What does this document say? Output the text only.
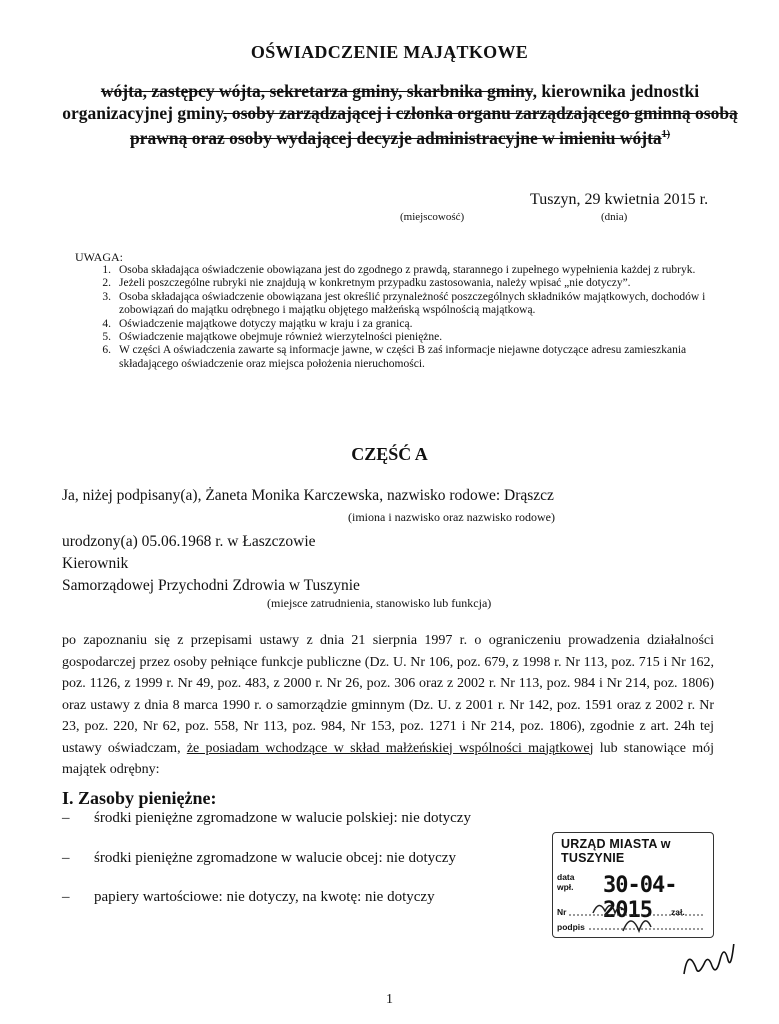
OŚWIADCZENIE MAJĄTKOWE
wójta, zastępcy wójta, sekretarza gminy, skarbnika gminy, kierownika jednostki organizacyjnej gminy, osoby zarządzającej i członka organu zarządzającego gminną osobą prawną oraz osoby wydającej decyzje administracyjne w imieniu wójta$^{1)}$
Tuszyn, 29 kwietnia 2015 r.
(miejscowość)	(dnia)
UWAGA:
1. Osoba składająca oświadczenie obowiązana jest do zgodnego z prawdą, starannego i zupełnego wypełnienia każdej z rubryk.
2. Jeżeli poszczególne rubryki nie znajdują w konkretnym przypadku zastosowania, należy wpisać „nie dotyczy”.
3. Osoba składająca oświadczenie obowiązana jest określić przynależność poszczególnych składników majątkowych, dochodów i zobowiązań do majątku odrębnego i majątku objętego małżeńską wspólnością majątkową.
4. Oświadczenie majątkowe dotyczy majątku w kraju i za granicą.
5. Oświadczenie majątkowe obejmuje również wierzytelności pieniężne.
6. W części A oświadczenia zawarte są informacje jawne, w części B zaś informacje niejawne dotyczące adresu zamieszkania składającego oświadczenie oraz miejsca położenia nieruchomości.
CZĘŚĆ A
Ja, niżej podpisany(a), Żaneta Monika Karczewska, nazwisko rodowe: Drąszcz
(imiona i nazwisko oraz nazwisko rodowe)
urodzony(a) 05.06.1968 r. w Łaszczowie
Kierownik
Samorządowej Przychodni Zdrowia w Tuszynie
(miejsce zatrudnienia, stanowisko lub funkcja)
po zapoznaniu się z przepisami ustawy z dnia 21 sierpnia 1997 r. o ograniczeniu prowadzenia działalności gospodarczej przez osoby pełniące funkcje publiczne (Dz. U. Nr 106, poz. 679, z 1998 r. Nr 113, poz. 715 i Nr 162, poz. 1126, z 1999 r. Nr 49, poz. 483, z 2000 r. Nr 26, poz. 306 oraz z 2002 r. Nr 113, poz. 984 i Nr 214, poz. 1806) oraz ustawy z dnia 8 marca 1990 r. o samorządzie gminnym (Dz. U. z 2001 r. Nr 142, poz. 1591 oraz z 2002 r. Nr 23, poz. 220, Nr 62, poz. 558, Nr 113, poz. 984, Nr 153, poz. 1271 i Nr 214, poz. 1806), zgodnie z art. 24h tej ustawy oświadczam, że posiadam wchodzące w skład małżeńskiej wspólności majątkowej lub stanowiące mój majątek odrębny:
I. Zasoby pieniężne:
– środki pieniężne zgromadzone w walucie polskiej: nie dotyczy
– środki pieniężne zgromadzone w walucie obcej: nie dotyczy
– papiery wartościowe: nie dotyczy, na kwotę: nie dotyczy
URZĄD MIASTA w TUSZYNIE
data
wpł. 30-04-2015
Nr	zał.
podpis
1
